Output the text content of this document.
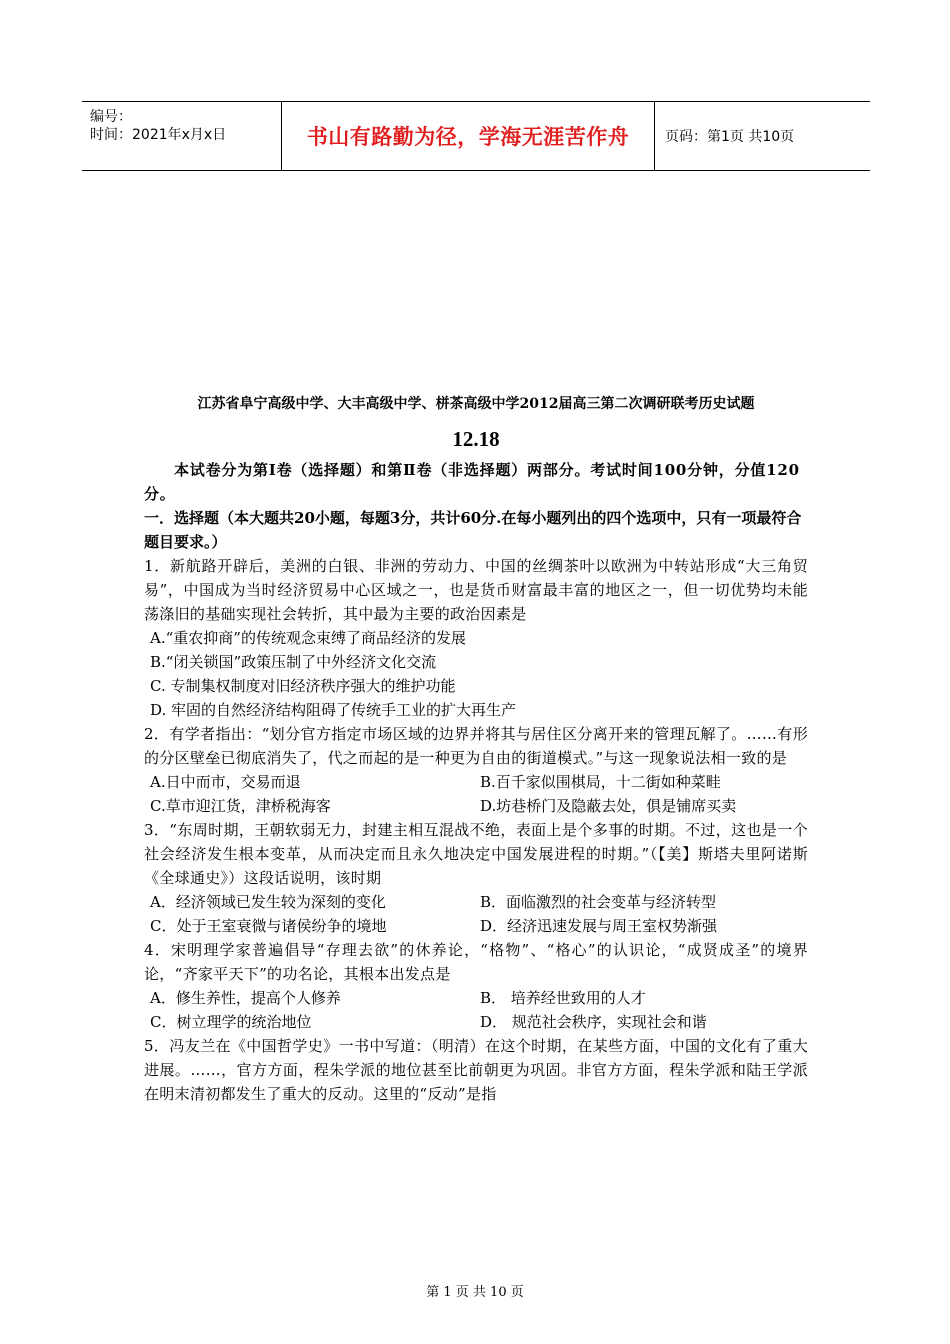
编号：
时间：2021年x月x日	书山有路勤为径，学海无涯苦作舟	页码：第1页 共10页

江苏省阜宁高级中学、大丰高级中学、栟茶高级中学2012届高三第二次调研联考历史试题

12.18

本试卷分为第Ⅰ卷（选择题）和第Ⅱ卷（非选择题）两部分。考试时间100分钟，分值120分。

一．选择题（本大题共20小题，每题3分，共计60分.在每小题列出的四个选项中，只有一项最符合题目要求。）

1．新航路开辟后，美洲的白银、非洲的劳动力、中国的丝绸茶叶以欧洲为中转站形成“大三角贸易”，中国成为当时经济贸易中心区域之一，也是货币财富最丰富的地区之一，但一切优势均未能荡涤旧的基础实现社会转折，其中最为主要的政治因素是

A.“重农抑商”的传统观念束缚了商品经济的发展

B.“闭关锁国”政策压制了中外经济文化交流

C. 专制集权制度对旧经济秩序强大的维护功能

D. 牢固的自然经济结构阻碍了传统手工业的扩大再生产

2．有学者指出：“划分官方指定市场区域的边界并将其与居住区分离开来的管理瓦解了。……有形的分区壁垒已彻底消失了，代之而起的是一种更为自由的街道模式。”与这一现象说法相一致的是

A.日中而市，交易而退	B.百千家似围棋局，十二街如种菜畦
C.草市迎江货，津桥税海客	D.坊巷桥门及隐蔽去处，俱是铺席买卖

3．“东周时期，王朝软弱无力，封建主相互混战不绝，表面上是个多事的时期。不过，这也是一个社会经济发生根本变革，从而决定而且永久地决定中国发展进程的时期。”（【美】斯塔夫里阿诺斯《全球通史》）这段话说明，该时期

A．经济领域已发生较为深刻的变化	B．面临激烈的社会变革与经济转型
C．处于王室衰微与诸侯纷争的境地	D．经济迅速发展与周王室权势渐强

4．宋明理学家普遍倡导“存理去欲”的休养论，“格物”、“格心”的认识论，“成贤成圣”的境界论，“齐家平天下”的功名论，其根本出发点是

A．修生养性，提高个人修养	B． 培养经世致用的人才
C．树立理学的统治地位	D． 规范社会秩序，实现社会和谐

5．冯友兰在《中国哲学史》一书中写道：（明清）在这个时期，在某些方面，中国的文化有了重大进展。……，官方方面，程朱学派的地位甚至比前朝更为巩固。非官方方面，程朱学派和陆王学派在明末清初都发生了重大的反动。这里的“反动”是指

第 1 页 共 10 页
